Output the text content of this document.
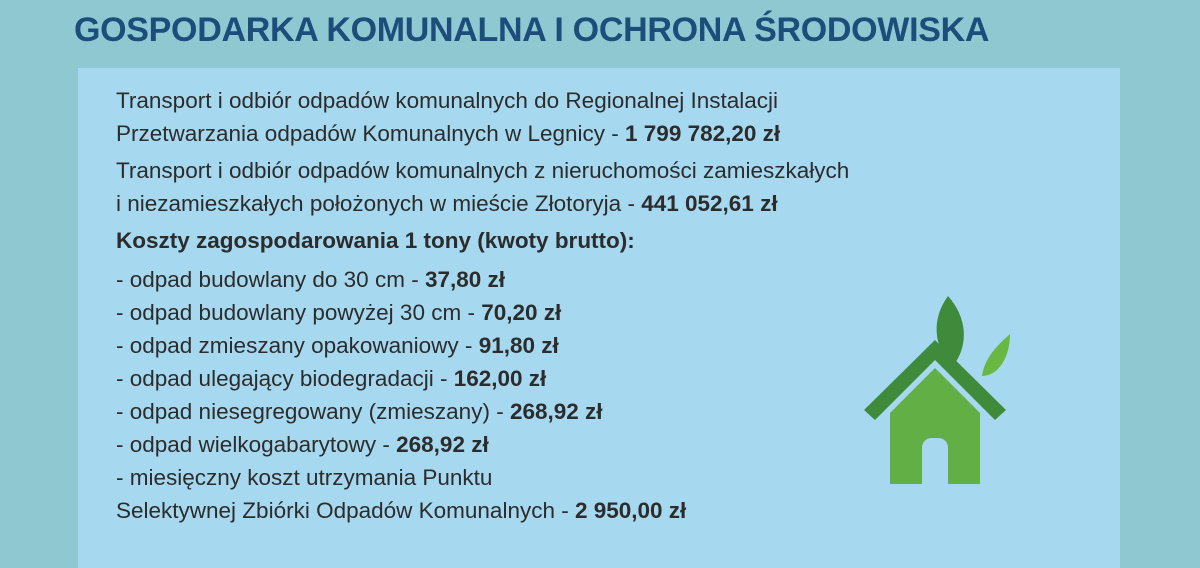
GOSPODARKA KOMUNALNA I OCHRONA ŚRODOWISKA

Transport i odbiór odpadów komunalnych do Regionalnej Instalacji
Przetwarzania odpadów Komunalnych w Legnicy - 1 799 782,20 zł

Transport i odbiór odpadów komunalnych z nieruchomości zamieszkałych
i niezamieszkałych położonych w mieście Złotoryja - 441 052,61 zł

Koszty zagospodarowania 1 tony (kwoty brutto):
- odpad budowlany do 30 cm - 37,80 zł
- odpad budowlany powyżej 30 cm - 70,20 zł
- odpad zmieszany opakowaniowy - 91,80 zł
- odpad ulegający biodegradacji - 162,00 zł
- odpad niesegregowany (zmieszany) - 268,92 zł
- odpad wielkogabarytowy - 268,92 zł
- miesięczny koszt utrzymania Punktu
Selektywnej Zbiórki Odpadów Komunalnych - 2 950,00 zł
